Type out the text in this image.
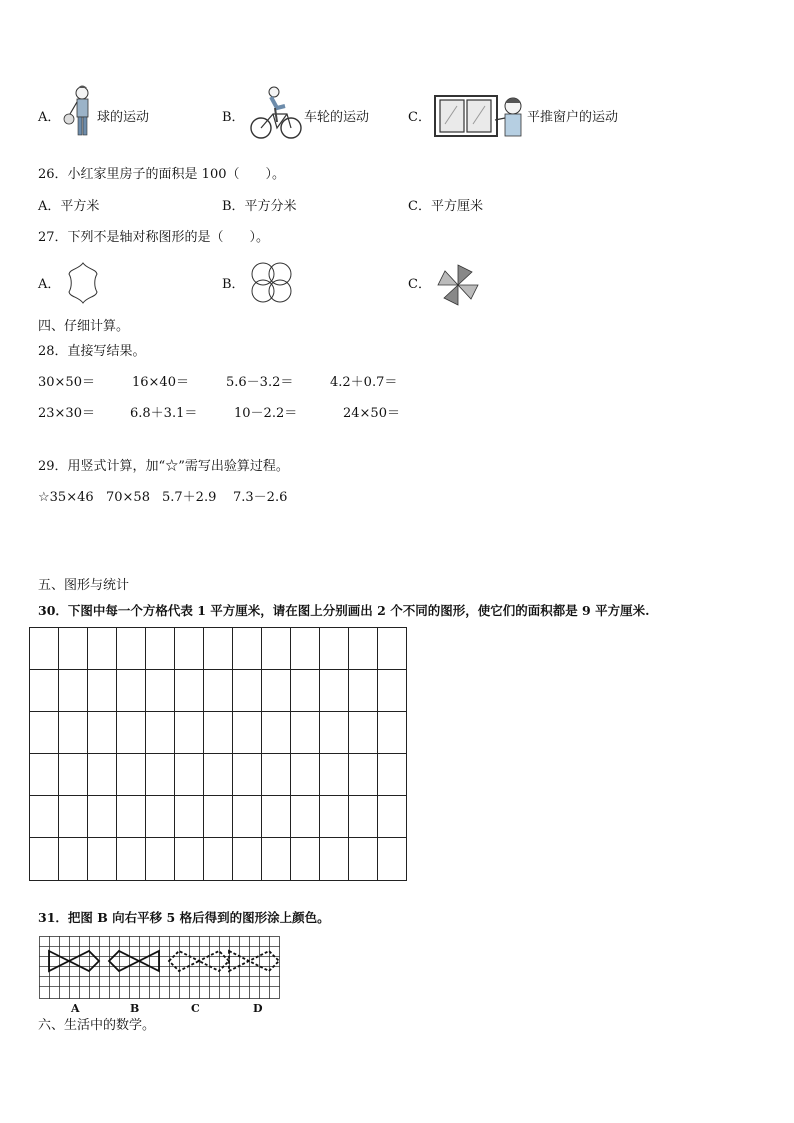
A．	球的运动	B．	车轮的运动	C．	平推窗户的运动
26．小红家里房子的面积是 100（　　）。
A．平方米	B．平方分米	C．平方厘米
27．下列不是轴对称图形的是（　　）。
A．	B．	C．
四、仔细计算。
28．直接写结果。
30×50＝	16×40＝	5.6－3.2＝	4.2＋0.7＝
23×30＝	6.8＋3.1＝	10－2.2＝	24×50＝
29．用竖式计算，加“☆”需写出验算过程。
☆35×46 70×58 5.7＋2.9 7.3－2.6
五、图形与统计
30．下图中每一个方格代表 1 平方厘米，请在图上分别画出 2 个不同的图形，使它们的面积都是 9 平方厘米.
31．把图 B 向右平移 5 格后得到的图形涂上颜色。
A	B	C	D
六、生活中的数学。
